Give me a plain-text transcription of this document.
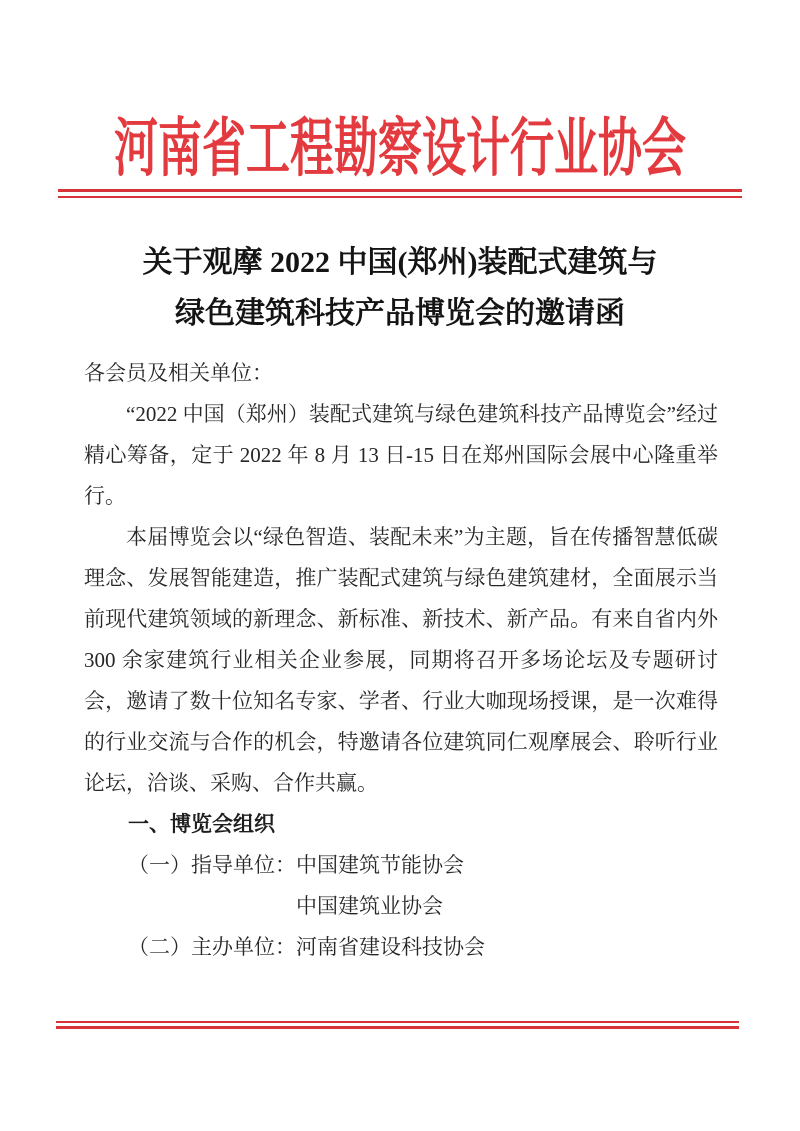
河南省工程勘察设计行业协会
关于观摩 2022 中国(郑州)装配式建筑与
绿色建筑科技产品博览会的邀请函

各会员及相关单位：

“2022 中国（郑州）装配式建筑与绿色建筑科技产品博览会”经过精心筹备，定于 2022 年 8 月 13 日-15 日在郑州国际会展中心隆重举行。

本届博览会以“绿色智造、装配未来”为主题，旨在传播智慧低碳理念、发展智能建造，推广装配式建筑与绿色建筑建材，全面展示当前现代建筑领域的新理念、新标准、新技术、新产品。有来自省内外 300 余家建筑行业相关企业参展，同期将召开多场论坛及专题研讨会，邀请了数十位知名专家、学者、行业大咖现场授课，是一次难得的行业交流与合作的机会，特邀请各位建筑同仁观摩展会、聆听行业论坛，洽谈、采购、合作共赢。

一、博览会组织
（一）指导单位： 中国建筑节能协会
中国建筑业协会
（二）主办单位： 河南省建设科技协会
